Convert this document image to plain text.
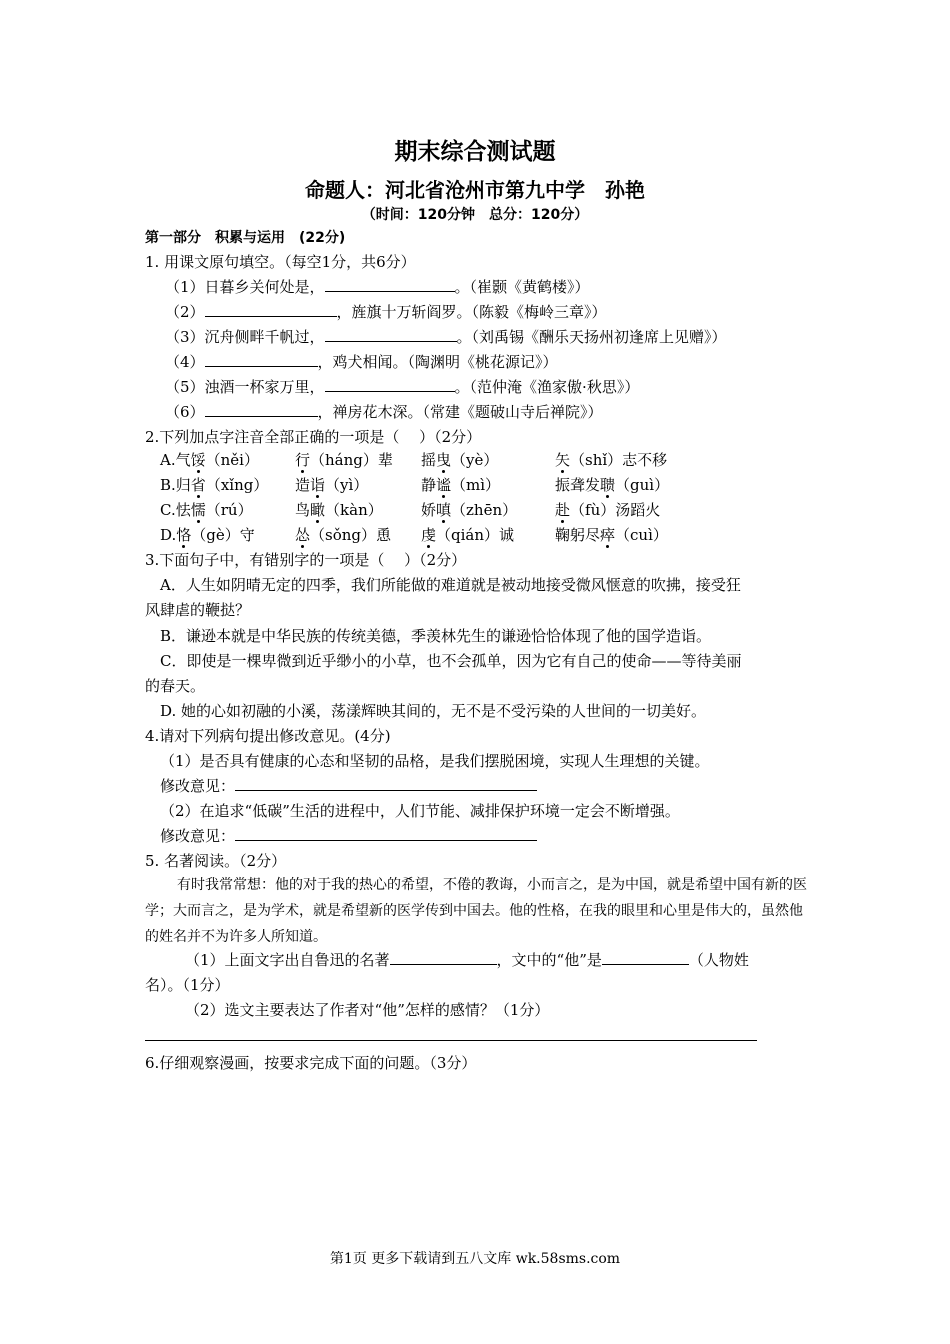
期末综合测试题
命题人：河北省沧州市第九中学　孙艳
（时间：120分钟　总分：120分）
第一部分　积累与运用　(22分)
1. 用课文原句填空。（每空1分，共6分）
（1）日暮乡关何处是，	。（崔颢《黄鹤楼》）
（2）	，旌旗十万斩阎罗。（陈毅《梅岭三章》）
（3）沉舟侧畔千帆过，	。（刘禹锡《酬乐天扬州初逢席上见赠》）
（4）	，鸡犬相闻。（陶渊明《桃花源记》）
（5）浊酒一杯家万里，	。（范仲淹《渔家傲·秋思》）
（6）	，禅房花木深。（常建《题破山寺后禅院》）
2.下列加点字注音全部正确的一项是（　 ）（2分）
A.气馁（něi） 行（háng）辈 摇曳（yè）	矢（shǐ）志不移
B.归省（xǐng） 造诣（yì）	静谧（mì）	振聋发聩（guì）
C.怯懦（rú）	鸟瞰（kàn）	娇嗔（zhēn）	赴（fù）汤蹈火
D.恪（gè）守	怂（sǒng）恿 虔（qián）诚	鞠躬尽瘁（cuì）
3.下面句子中，有错别字的一项是（　 ）（2分）
A．人生如阴晴无定的四季，我们所能做的难道就是被动地接受微风惬意的吹拂，接受狂
风肆虐的鞭挞？
B．谦逊本就是中华民族的传统美德，季羡林先生的谦逊恰恰体现了他的国学造诣。
C．即使是一棵卑微到近乎缈小的小草，也不会孤单，因为它有自己的使命——等待美丽
的春天。
D. 她的心如初融的小溪，荡漾辉映其间的，无不是不受污染的人世间的一切美好。
4.请对下列病句提出修改意见。(4分)
（1）是否具有健康的心态和坚韧的品格，是我们摆脱困境，实现人生理想的关键。
修改意见：
（2）在追求“低碳”生活的进程中，人们节能、减排保护环境一定会不断增强。
修改意见：
5. 名著阅读。（2分）
有时我常常想：他的对于我的热心的希望，不倦的教诲，小而言之，是为中国，就是希望中国有新的医学；大而言之，是为学术，就是希望新的医学传到中国去。他的性格，在我的眼里和心里是伟大的，虽然他的姓名并不为许多人所知道。
（1）上面文字出自鲁迅的名著	，文中的“他”是	（人物姓
名）。（1分）
（2）选文主要表达了作者对“他”怎样的感情？（1分）
6.仔细观察漫画，按要求完成下面的问题。（3分）
第1页 更多下载请到五八文库 wk.58sms.com
